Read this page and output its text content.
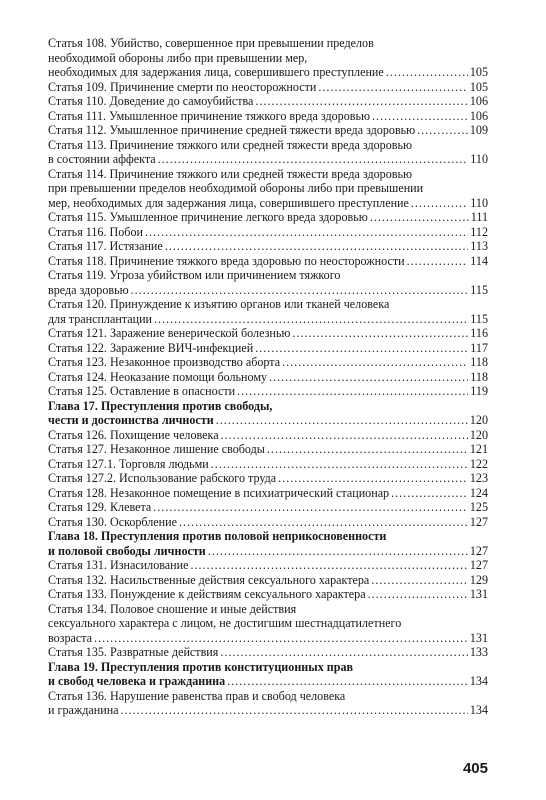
Статья 108. Убийство, совершенное при превышении пределов
необходимой обороны либо при превышении мер,
необходимых для задержания лица, совершившего преступление .....	105
Статья 109. Причинение смерти по неосторожности .....	105
Статья 110. Доведение до самоубийства .....	106
Статья 111. Умышленное причинение тяжкого вреда здоровью .....	106
Статья 112. Умышленное причинение средней тяжести вреда здоровью .....	109
Статья 113. Причинение тяжкого или средней тяжести вреда здоровью
в состоянии аффекта .....	110
Статья 114. Причинение тяжкого или средней тяжести вреда здоровью
при превышении пределов необходимой обороны либо при превышении
мер, необходимых для задержания лица, совершившего преступление .....	110
Статья 115. Умышленное причинение легкого вреда здоровью .....	111
Статья 116. Побои .....	112
Статья 117. Истязание .....	113
Статья 118. Причинение тяжкого вреда здоровью по неосторожности .....	114
Статья 119. Угроза убийством или причинением тяжкого
вреда здоровью .....	115
Статья 120. Принуждение к изъятию органов или тканей человека
для трансплантации .....	115
Статья 121. Заражение венерической болезнью .....	116
Статья 122. Заражение ВИЧ-инфекцией .....	117
Статья 123. Незаконное производство аборта .....	118
Статья 124. Неоказание помощи больному .....	118
Статья 125. Оставление в опасности .....	119
Глава 17. Преступления против свободы,
чести и достоинства личности .....	120
Статья 126. Похищение человека .....	120
Статья 127. Незаконное лишение свободы .....	121
Статья 127.1. Торговля людьми .....	122
Статья 127.2. Использование рабского труда .....	123
Статья 128. Незаконное помещение в психиатрический стационар .....	124
Статья 129. Клевета .....	125
Статья 130. Оскорбление .....	127
Глава 18. Преступления против половой неприкосновенности
и половой свободы личности .....	127
Статья 131. Изнасилование .....	127
Статья 132. Насильственные действия сексуального характера .....	129
Статья 133. Понуждение к действиям сексуального характера .....	131
Статья 134. Половое сношение и иные действия
сексуального характера с лицом, не достигшим шестнадцатилетнего
возраста .....	131
Статья 135. Развратные действия .....	133
Глава 19. Преступления против конституционных прав
и свобод человека и гражданина .....	134
Статья 136. Нарушение равенства прав и свобод человека
и гражданина .....	134
405
